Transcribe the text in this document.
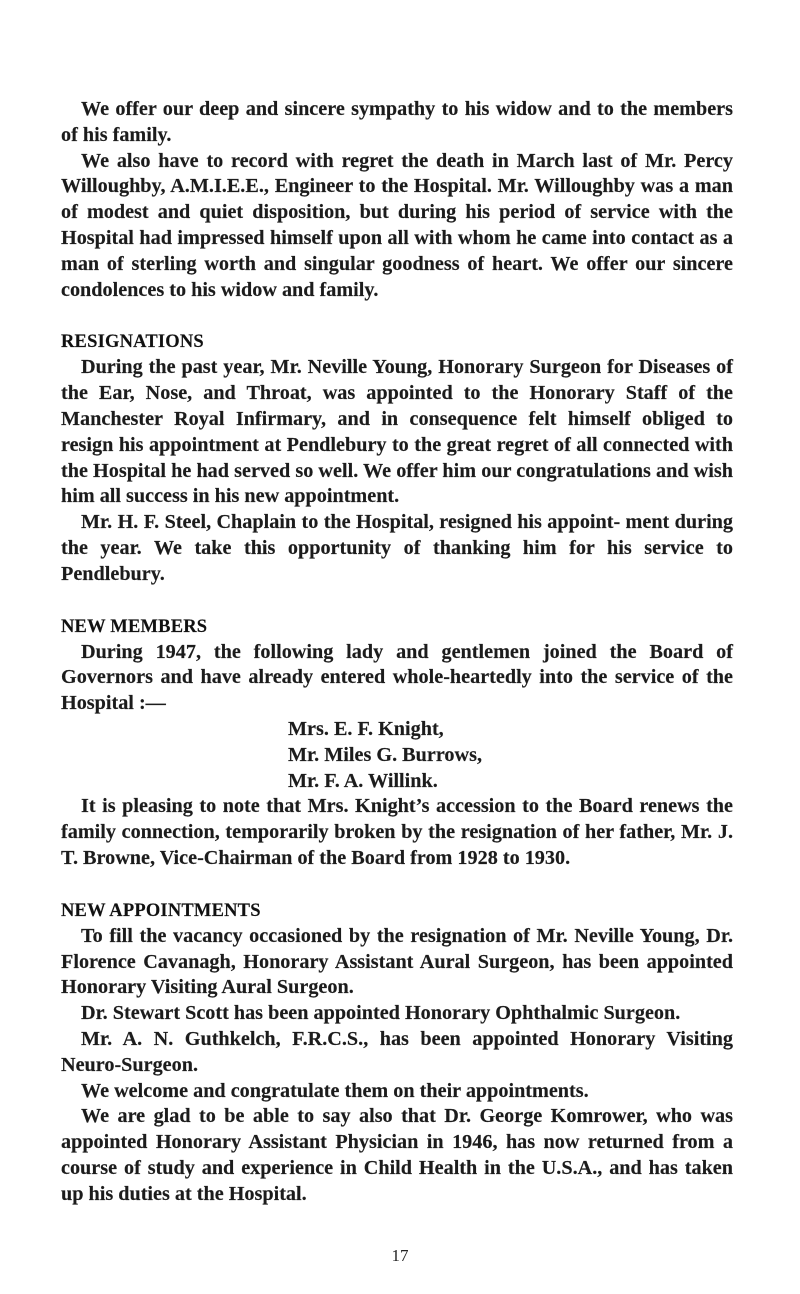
We offer our deep and sincere sympathy to his widow and to the members of his family.

We also have to record with regret the death in March last of Mr. Percy Willoughby, A.M.I.E.E., Engineer to the Hospital. Mr. Willoughby was a man of modest and quiet disposition, but during his period of service with the Hospital had impressed himself upon all with whom he came into contact as a man of sterling worth and singular goodness of heart. We offer our sincere condolences to his widow and family.

RESIGNATIONS

During the past year, Mr. Neville Young, Honorary Surgeon for Diseases of the Ear, Nose, and Throat, was appointed to the Honorary Staff of the Manchester Royal Infirmary, and in consequence felt himself obliged to resign his appointment at Pendlebury to the great regret of all connected with the Hospital he had served so well. We offer him our congratulations and wish him all success in his new appointment.

Mr. H. F. Steel, Chaplain to the Hospital, resigned his appoint- ment during the year. We take this opportunity of thanking him for his service to Pendlebury.

NEW MEMBERS

During 1947, the following lady and gentlemen joined the Board of Governors and have already entered whole-heartedly into the service of the Hospital :—

Mrs. E. F. Knight,
Mr. Miles G. Burrows,
Mr. F. A. Willink.

It is pleasing to note that Mrs. Knight’s accession to the Board renews the family connection, temporarily broken by the resignation of her father, Mr. J. T. Browne, Vice-Chairman of the Board from 1928 to 1930.

NEW APPOINTMENTS

To fill the vacancy occasioned by the resignation of Mr. Neville Young, Dr. Florence Cavanagh, Honorary Assistant Aural Surgeon, has been appointed Honorary Visiting Aural Surgeon.

Dr. Stewart Scott has been appointed Honorary Ophthalmic Surgeon.

Mr. A. N. Guthkelch, F.R.C.S., has been appointed Honorary Visiting Neuro-Surgeon.

We welcome and congratulate them on their appointments.

We are glad to be able to say also that Dr. George Komrower, who was appointed Honorary Assistant Physician in 1946, has now returned from a course of study and experience in Child Health in the U.S.A., and has taken up his duties at the Hospital.

17
